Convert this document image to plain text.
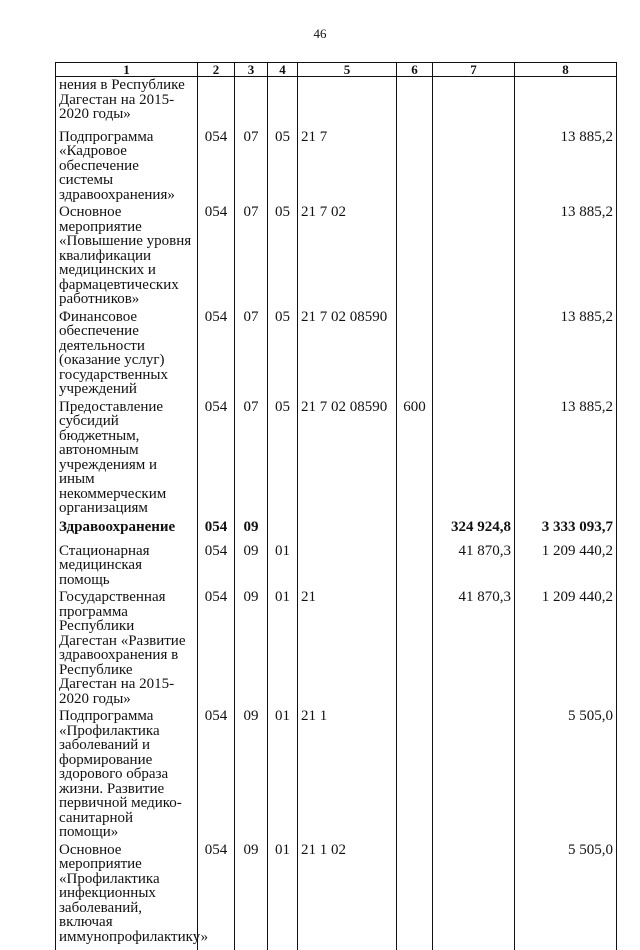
46
1	2	3	4	5	6	7	8
нения в Республике Дагестан на 2015-2020 годы»							
Подпрограмма «Кадровое обеспечение системы здравоохранения»	054	07	05	21 7			13 885,2
Основное мероприятие «Повышение уровня квалификации медицинских и фармацевтических работников»	054	07	05	21 7 02			13 885,2
Финансовое обеспечение деятельности (оказание услуг) государственных учреждений	054	07	05	21 7 02 08590			13 885,2
Предоставление субсидий бюджетным, автономным учреждениям и иным некоммерческим организациям	054	07	05	21 7 02 08590	600		13 885,2
Здравоохранение	054	09				324 924,8	3 333 093,7
Стационарная медицинская помощь	054	09	01			41 870,3	1 209 440,2
Государственная программа Республики Дагестан «Развитие здравоохранения в Республике Дагестан на 2015-2020 годы»	054	09	01	21		41 870,3	1 209 440,2
Подпрограмма «Профилактика заболеваний и формирование здорового образа жизни. Развитие первичной медико-санитарной помощи»	054	09	01	21 1			5 505,0
Основное мероприятие «Профилактика инфекционных заболеваний, включая иммунопрофилактику»	054	09	01	21 1 02			5 505,0
